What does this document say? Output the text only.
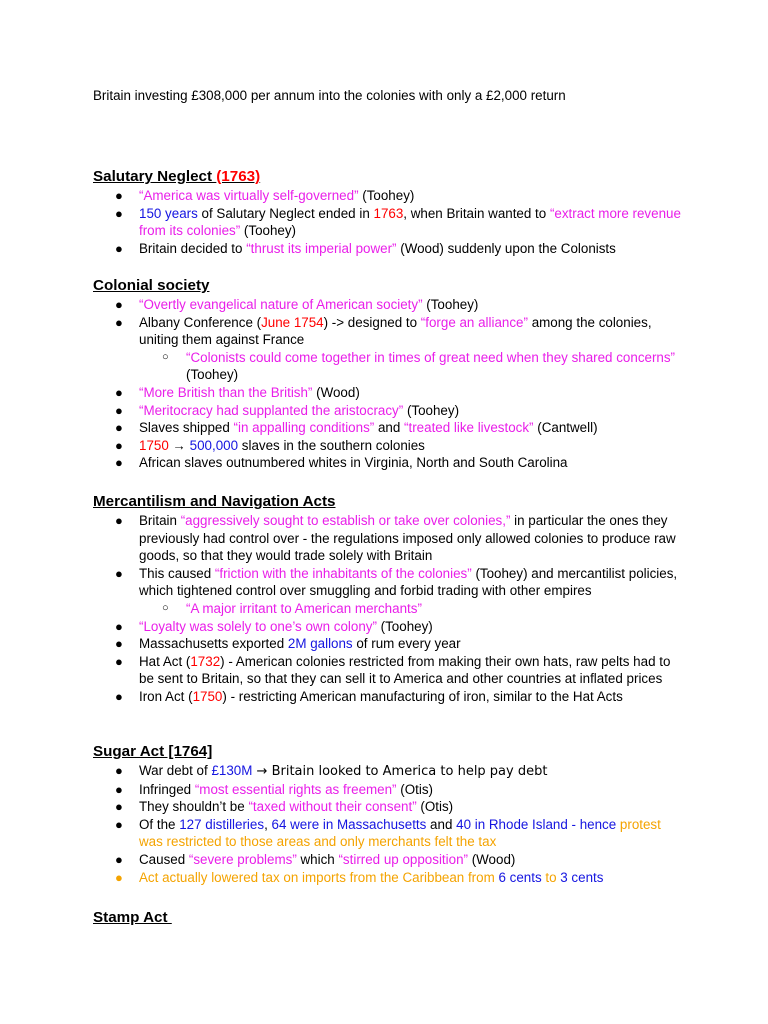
Britain investing £308,000 per annum into the colonies with only a £2,000 return
Salutary Neglect (1763)
● “America was virtually self-governed” (Toohey)
● 150 years of Salutary Neglect ended in 1763, when Britain wanted to “extract more revenue from its colonies” (Toohey)
● Britain decided to “thrust its imperial power” (Wood) suddenly upon the Colonists
Colonial society
● “Overtly evangelical nature of American society” (Toohey)
● Albany Conference (June 1754) -> designed to “forge an alliance” among the colonies, uniting them against France
○ “Colonists could come together in times of great need when they shared concerns” (Toohey)
● “More British than the British” (Wood)
● “Meritocracy had supplanted the aristocracy” (Toohey)
● Slaves shipped “in appalling conditions” and “treated like livestock” (Cantwell)
● 1750 → 500,000 slaves in the southern colonies
● African slaves outnumbered whites in Virginia, North and South Carolina
Mercantilism and Navigation Acts
● Britain “aggressively sought to establish or take over colonies,” in particular the ones they previously had control over - the regulations imposed only allowed colonies to produce raw goods, so that they would trade solely with Britain
● This caused “friction with the inhabitants of the colonies” (Toohey) and mercantilist policies, which tightened control over smuggling and forbid trading with other empires
○ “A major irritant to American merchants”
● “Loyalty was solely to one’s own colony” (Toohey)
● Massachusetts exported 2M gallons of rum every year
● Hat Act (1732) - American colonies restricted from making their own hats, raw pelts had to be sent to Britain, so that they can sell it to America and other countries at inflated prices
● Iron Act (1750) - restricting American manufacturing of iron, similar to the Hat Acts
Sugar Act [1764]
● War debt of £130M → Britain looked to America to help pay debt
● Infringed “most essential rights as freemen” (Otis)
● They shouldn’t be “taxed without their consent” (Otis)
● Of the 127 distilleries, 64 were in Massachusetts and 40 in Rhode Island - hence protest was restricted to those areas and only merchants felt the tax
● Caused “severe problems” which “stirred up opposition” (Wood)
● Act actually lowered tax on imports from the Caribbean from 6 cents to 3 cents
Stamp Act
